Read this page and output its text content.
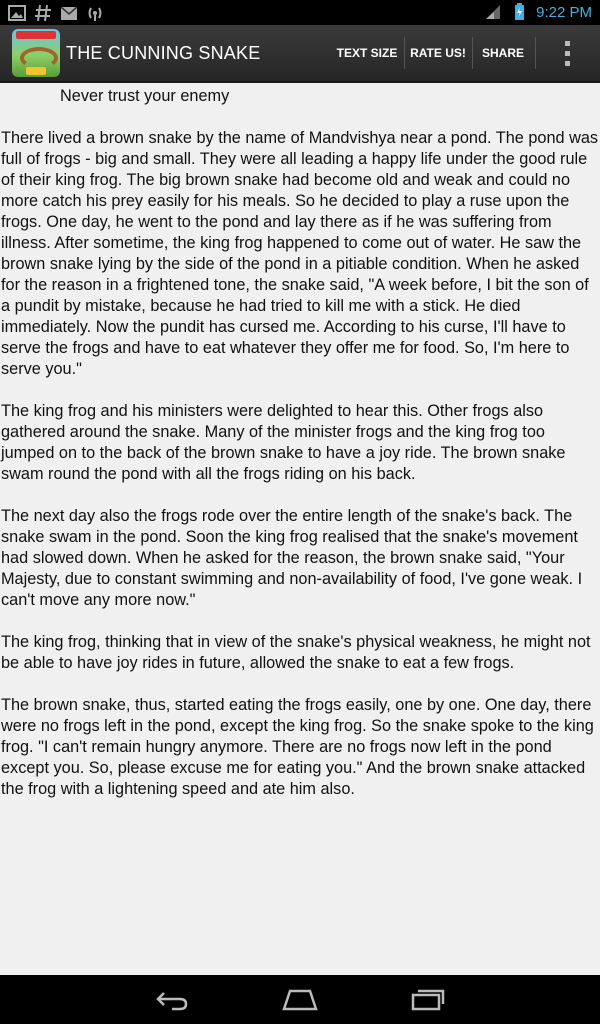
9:22 PM
THE CUNNING SNAKE	TEXT SIZE	RATE US!	SHARE

Never trust your enemy

There lived a brown snake by the name of Mandvishya near a pond. The pond was full of frogs - big and small. They were all leading a happy life under the good rule of their king frog. The big brown snake had become old and weak and could no more catch his prey easily for his meals. So he decided to play a ruse upon the frogs. One day, he went to the pond and lay there as if he was suffering from illness. After sometime, the king frog happened to come out of water. He saw the brown snake lying by the side of the pond in a pitiable condition. When he asked for the reason in a frightened tone, the snake said, "A week before, I bit the son of a pundit by mistake, because he had tried to kill me with a stick. He died immediately. Now the pundit has cursed me. According to his curse, I'll have to serve the frogs and have to eat whatever they offer me for food. So, I'm here to serve you."

The king frog and his ministers were delighted to hear this. Other frogs also gathered around the snake. Many of the minister frogs and the king frog too jumped on to the back of the brown snake to have a joy ride. The brown snake swam round the pond with all the frogs riding on his back.

The next day also the frogs rode over the entire length of the snake's back. The snake swam in the pond. Soon the king frog realised that the snake's movement had slowed down. When he asked for the reason, the brown snake said, "Your Majesty, due to constant swimming and non-availability of food, I've gone weak. I can't move any more now."

The king frog, thinking that in view of the snake's physical weakness, he might not be able to have joy rides in future, allowed the snake to eat a few frogs.

The brown snake, thus, started eating the frogs easily, one by one. One day, there were no frogs left in the pond, except the king frog. So the snake spoke to the king frog. "I can't remain hungry anymore. There are no frogs now left in the pond except you. So, please excuse me for eating you." And the brown snake attacked the frog with a lightening speed and ate him also.
